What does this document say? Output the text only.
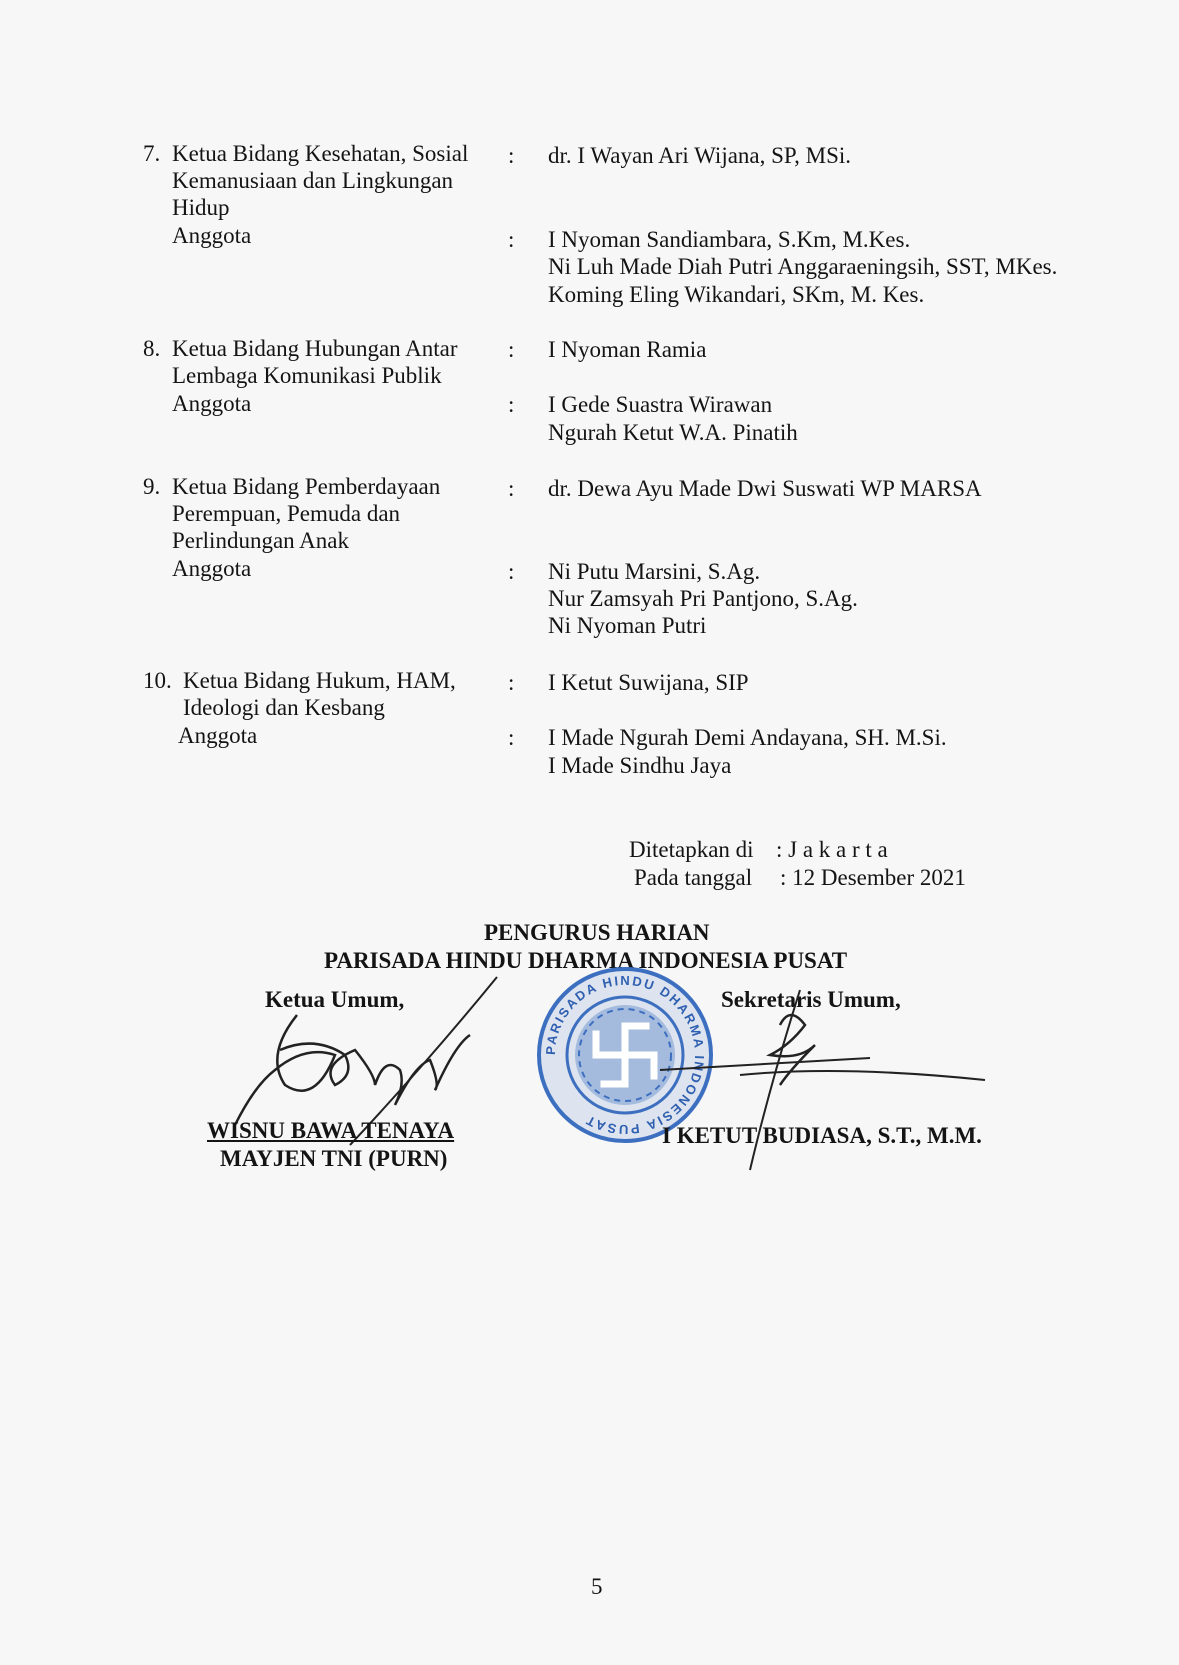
7. Ketua Bidang Kesehatan, Sosial
Kemanusiaan dan Lingkungan
Hidup
: dr. I Wayan Ari Wijana, SP, MSi.
Anggota	: I Nyoman Sandiambara, S.Km, M.Kes.
Ni Luh Made Diah Putri Anggaraeningsih, SST, MKes.
Koming Eling Wikandari, SKm, M. Kes.
8. Ketua Bidang Hubungan Antar
Lembaga Komunikasi Publik
: I Nyoman Ramia
Anggota	: I Gede Suastra Wirawan
Ngurah Ketut W.A. Pinatih
9. Ketua Bidang Pemberdayaan
Perempuan, Pemuda dan
Perlindungan Anak
: dr. Dewa Ayu Made Dwi Suswati WP MARSA
Anggota	: Ni Putu Marsini, S.Ag.
Nur Zamsyah Pri Pantjono, S.Ag.
Ni Nyoman Putri
10. Ketua Bidang Hukum, HAM,
Ideologi dan Kesbang
: I Ketut Suwijana, SIP
Anggota	: I Made Ngurah Demi Andayana, SH. M.Si.
I Made Sindhu Jaya
Ditetapkan di : J a k a r t a
Pada tanggal : 12 Desember 2021
PENGURUS HARIAN
PARISADA HINDU DHARMA INDONESIA PUSAT
PARISADA HINDU DHARMA INDONESIA PUSAT
Ketua Umum,
WISNU BAWA TENAYA
MAYJEN TNI (PURN)
Sekretaris Umum,
I KETUT BUDIASA, S.T., M.M.
5
